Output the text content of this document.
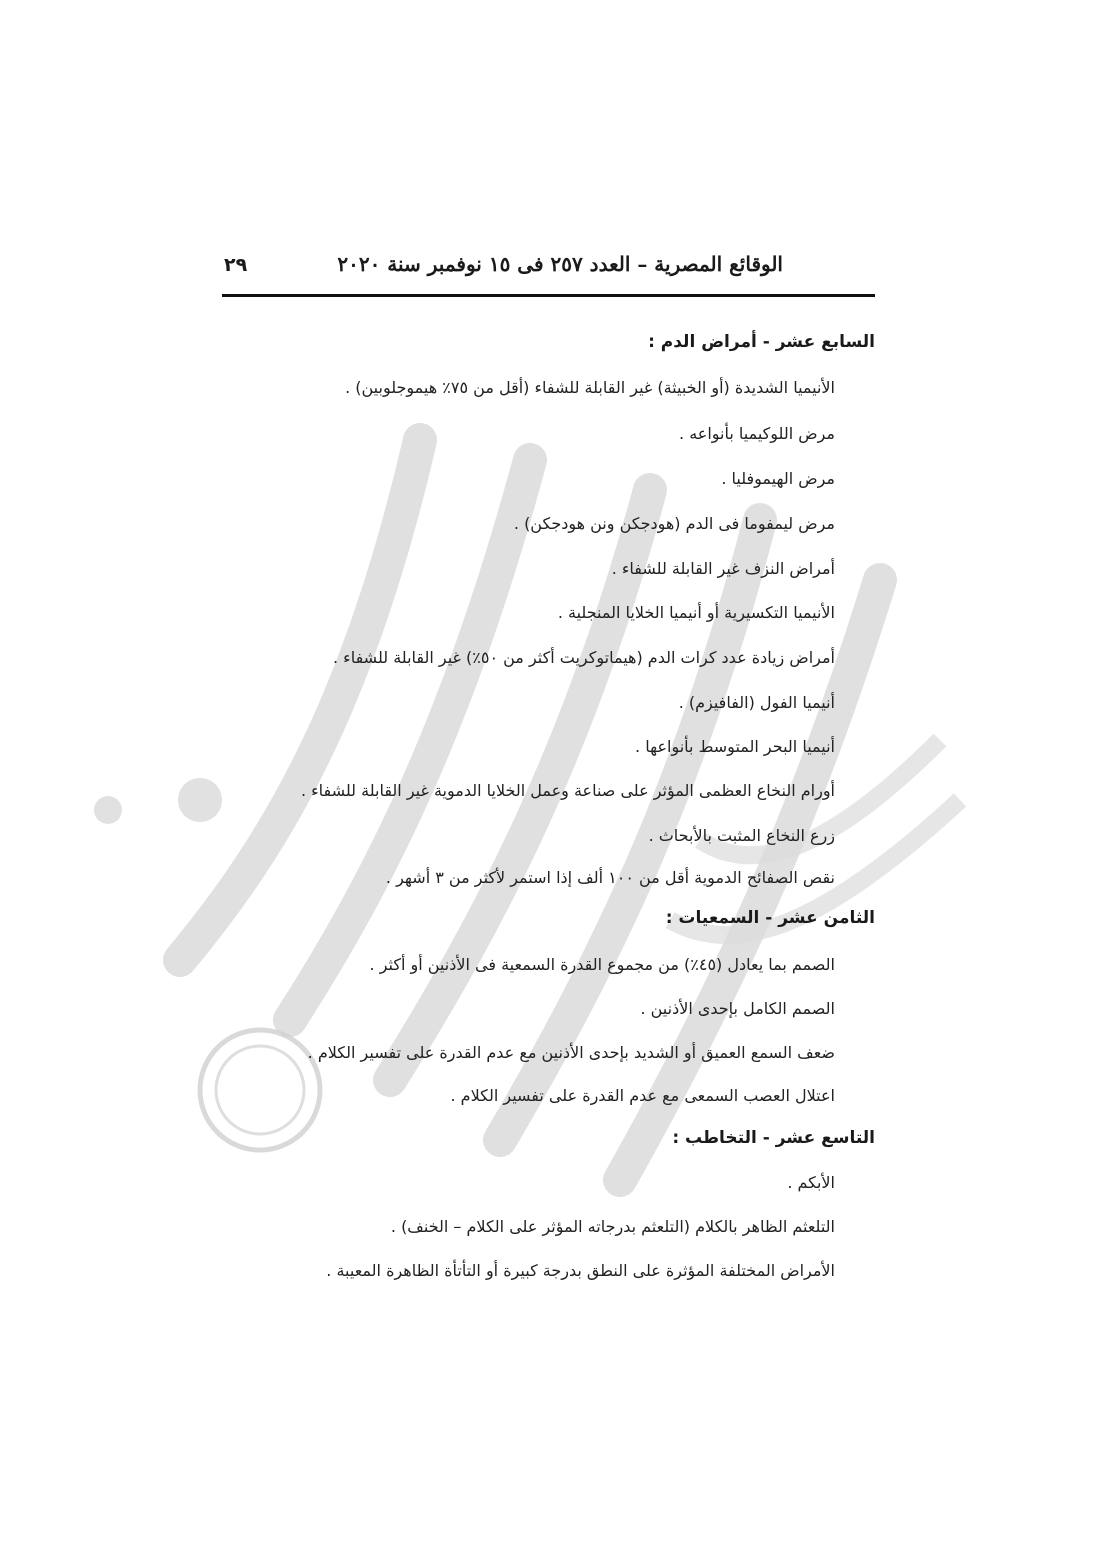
الوقائع المصرية – العدد ٢٥٧ فى ١٥ نوفمبر سنة ٢٠٢٠
٢٩
السابع عشر - أمراض الدم :
الأنيميا الشديدة (أو الخبيثة) غير القابلة للشفاء (أقل من ٧٥٪ هيموجلوبين) .
مرض اللوكيميا بأنواعه .
مرض الهيموفليا .
مرض ليمفوما فى الدم (هودجكن ونن هودجكن) .
أمراض النزف غير القابلة للشفاء .
الأنيميا التكسيرية أو أنيميا الخلايا المنجلية .
أمراض زيادة عدد كرات الدم (هيماتوكريت أكثر من ٥٠٪) غير القابلة للشفاء .
أنيميا الفول (الفافيزم) .
أنيميا البحر المتوسط بأنواعها .
أورام النخاع العظمى المؤثر على صناعة وعمل الخلايا الدموية غير القابلة للشفاء .
زرع النخاع المثبت بالأبحاث .
نقص الصفائح الدموية أقل من ١٠٠ ألف إذا استمر لأكثر من ٣ أشهر .
الثامن عشر - السمعيات :
الصمم بما يعادل (٤٥٪) من مجموع القدرة السمعية فى الأذنين أو أكثر .
الصمم الكامل بإحدى الأذنين .
ضعف السمع العميق أو الشديد بإحدى الأذنين مع عدم القدرة على تفسير الكلام .
اعتلال العصب السمعى مع عدم القدرة على تفسير الكلام .
التاسع عشر - التخاطب :
الأبكم .
التلعثم الظاهر بالكلام (التلعثم بدرجاته المؤثر على الكلام – الخنف) .
الأمراض المختلفة المؤثرة على النطق بدرجة كبيرة أو التأتأة الظاهرة المعيبة .
